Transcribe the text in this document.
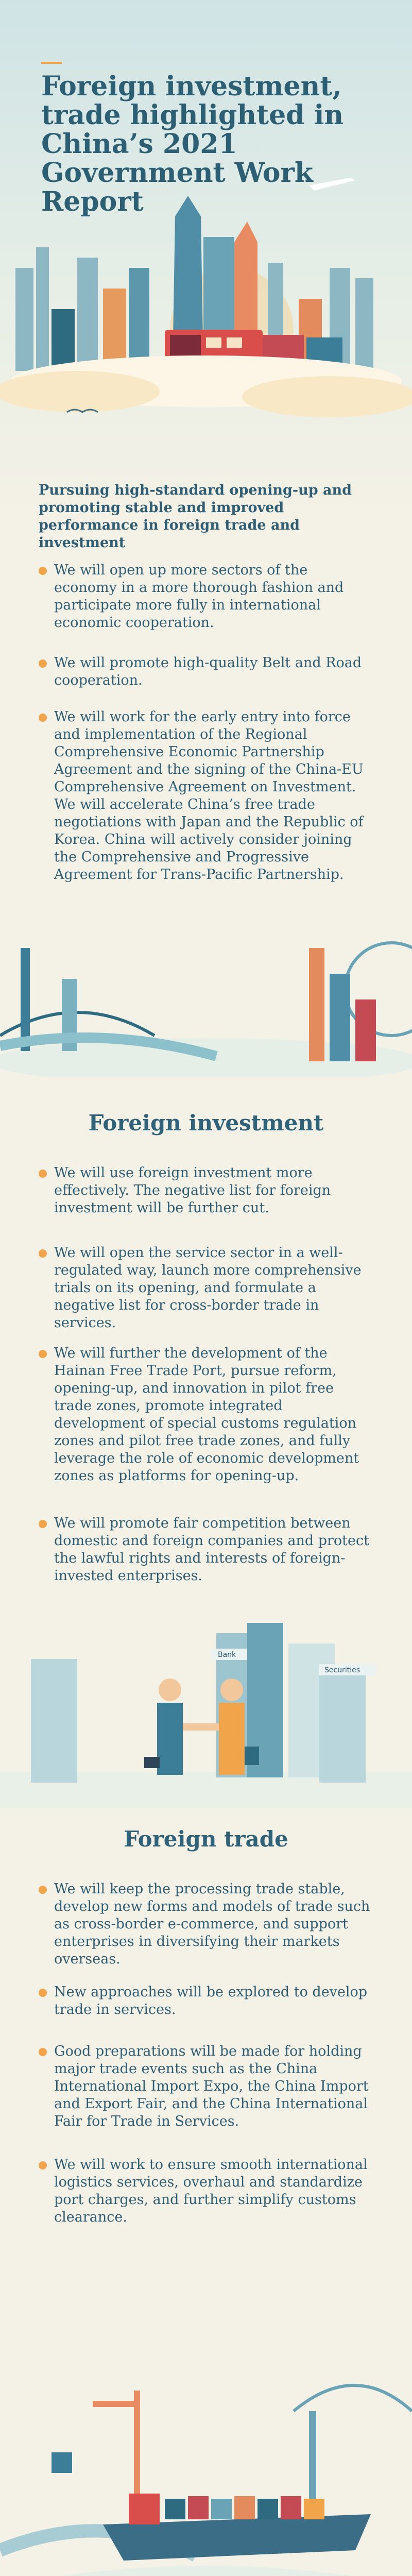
Foreign investment, trade highlighted in China’s 2021 Government Work Report
Pursuing high-standard opening-up and promoting stable and improved performance in foreign trade and investment
We will open up more sectors of the economy in a more thorough fashion and participate more fully in international economic cooperation.
We will promote high-quality Belt and Road cooperation.
We will work for the early entry into force and implementation of the Regional Comprehensive Economic Partnership Agreement and the signing of the China-EU Comprehensive Agreement on Investment. We will accelerate China’s free trade negotiations with Japan and the Republic of Korea. China will actively consider joining the Comprehensive and Progressive Agreement for Trans-Pacific Partnership.
Foreign investment
We will use foreign investment more effectively. The negative list for foreign investment will be further cut.
We will open the service sector in a well-regulated way, launch more comprehensive trials on its opening, and formulate a negative list for cross-border trade in services.
We will further the development of the Hainan Free Trade Port, pursue reform, opening-up, and innovation in pilot free trade zones, promote integrated development of special customs regulation zones and pilot free trade zones, and fully leverage the role of economic development zones as platforms for opening-up.
We will promote fair competition between domestic and foreign companies and protect the lawful rights and interests of foreign-invested enterprises.
Bank
Securities
Foreign trade
We will keep the processing trade stable, develop new forms and models of trade such as cross-border e-commerce, and support enterprises in diversifying their markets overseas.
New approaches will be explored to develop trade in services.
Good preparations will be made for holding major trade events such as the China International Import Expo, the China Import and Export Fair, and the China International Fair for Trade in Services.
We will work to ensure smooth international logistics services, overhaul and standardize port charges, and further simplify customs clearance.
